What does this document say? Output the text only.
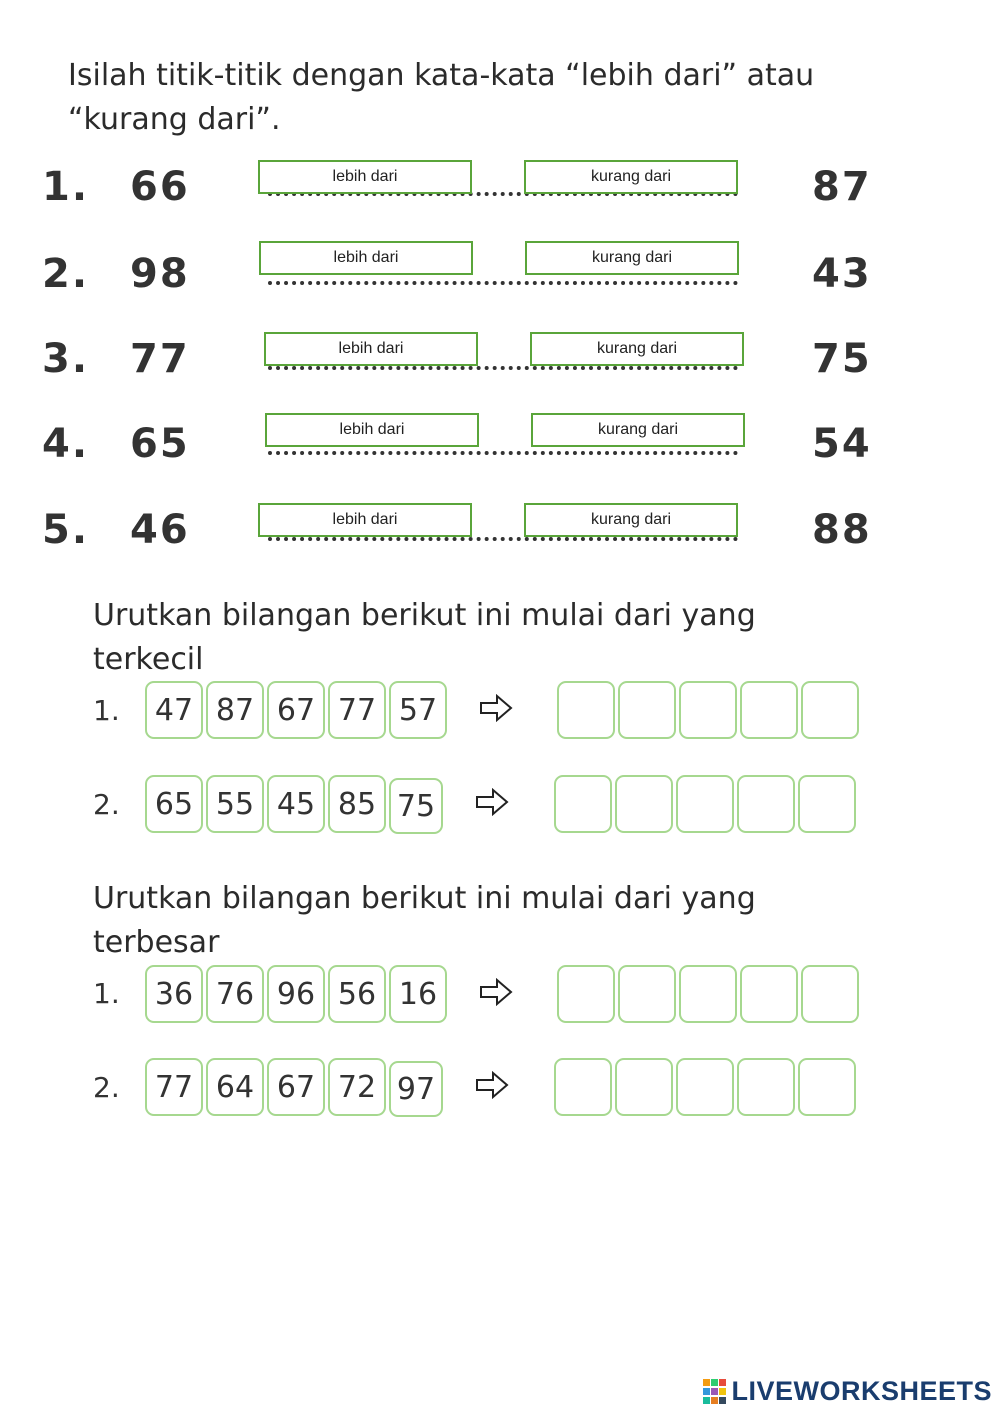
Isilah titik-titik dengan kata-kata “lebih dari” atau
“kurang dari”.
1. 66	lebih dari	kurang dari	87
2. 98	lebih dari	kurang dari	43
3. 77	lebih dari	kurang dari	75
4. 65	lebih dari	kurang dari	54
5. 46	lebih dari	kurang dari	88
Urutkan bilangan berikut ini mulai dari yang
terkecil
1.	47 87 67 77 57
2.	65 55 45 85 75
Urutkan bilangan berikut ini mulai dari yang
terbesar
1.	36 76 96 56 16
2.	77 64 67 72 97
LIVEWORKSHEETS
